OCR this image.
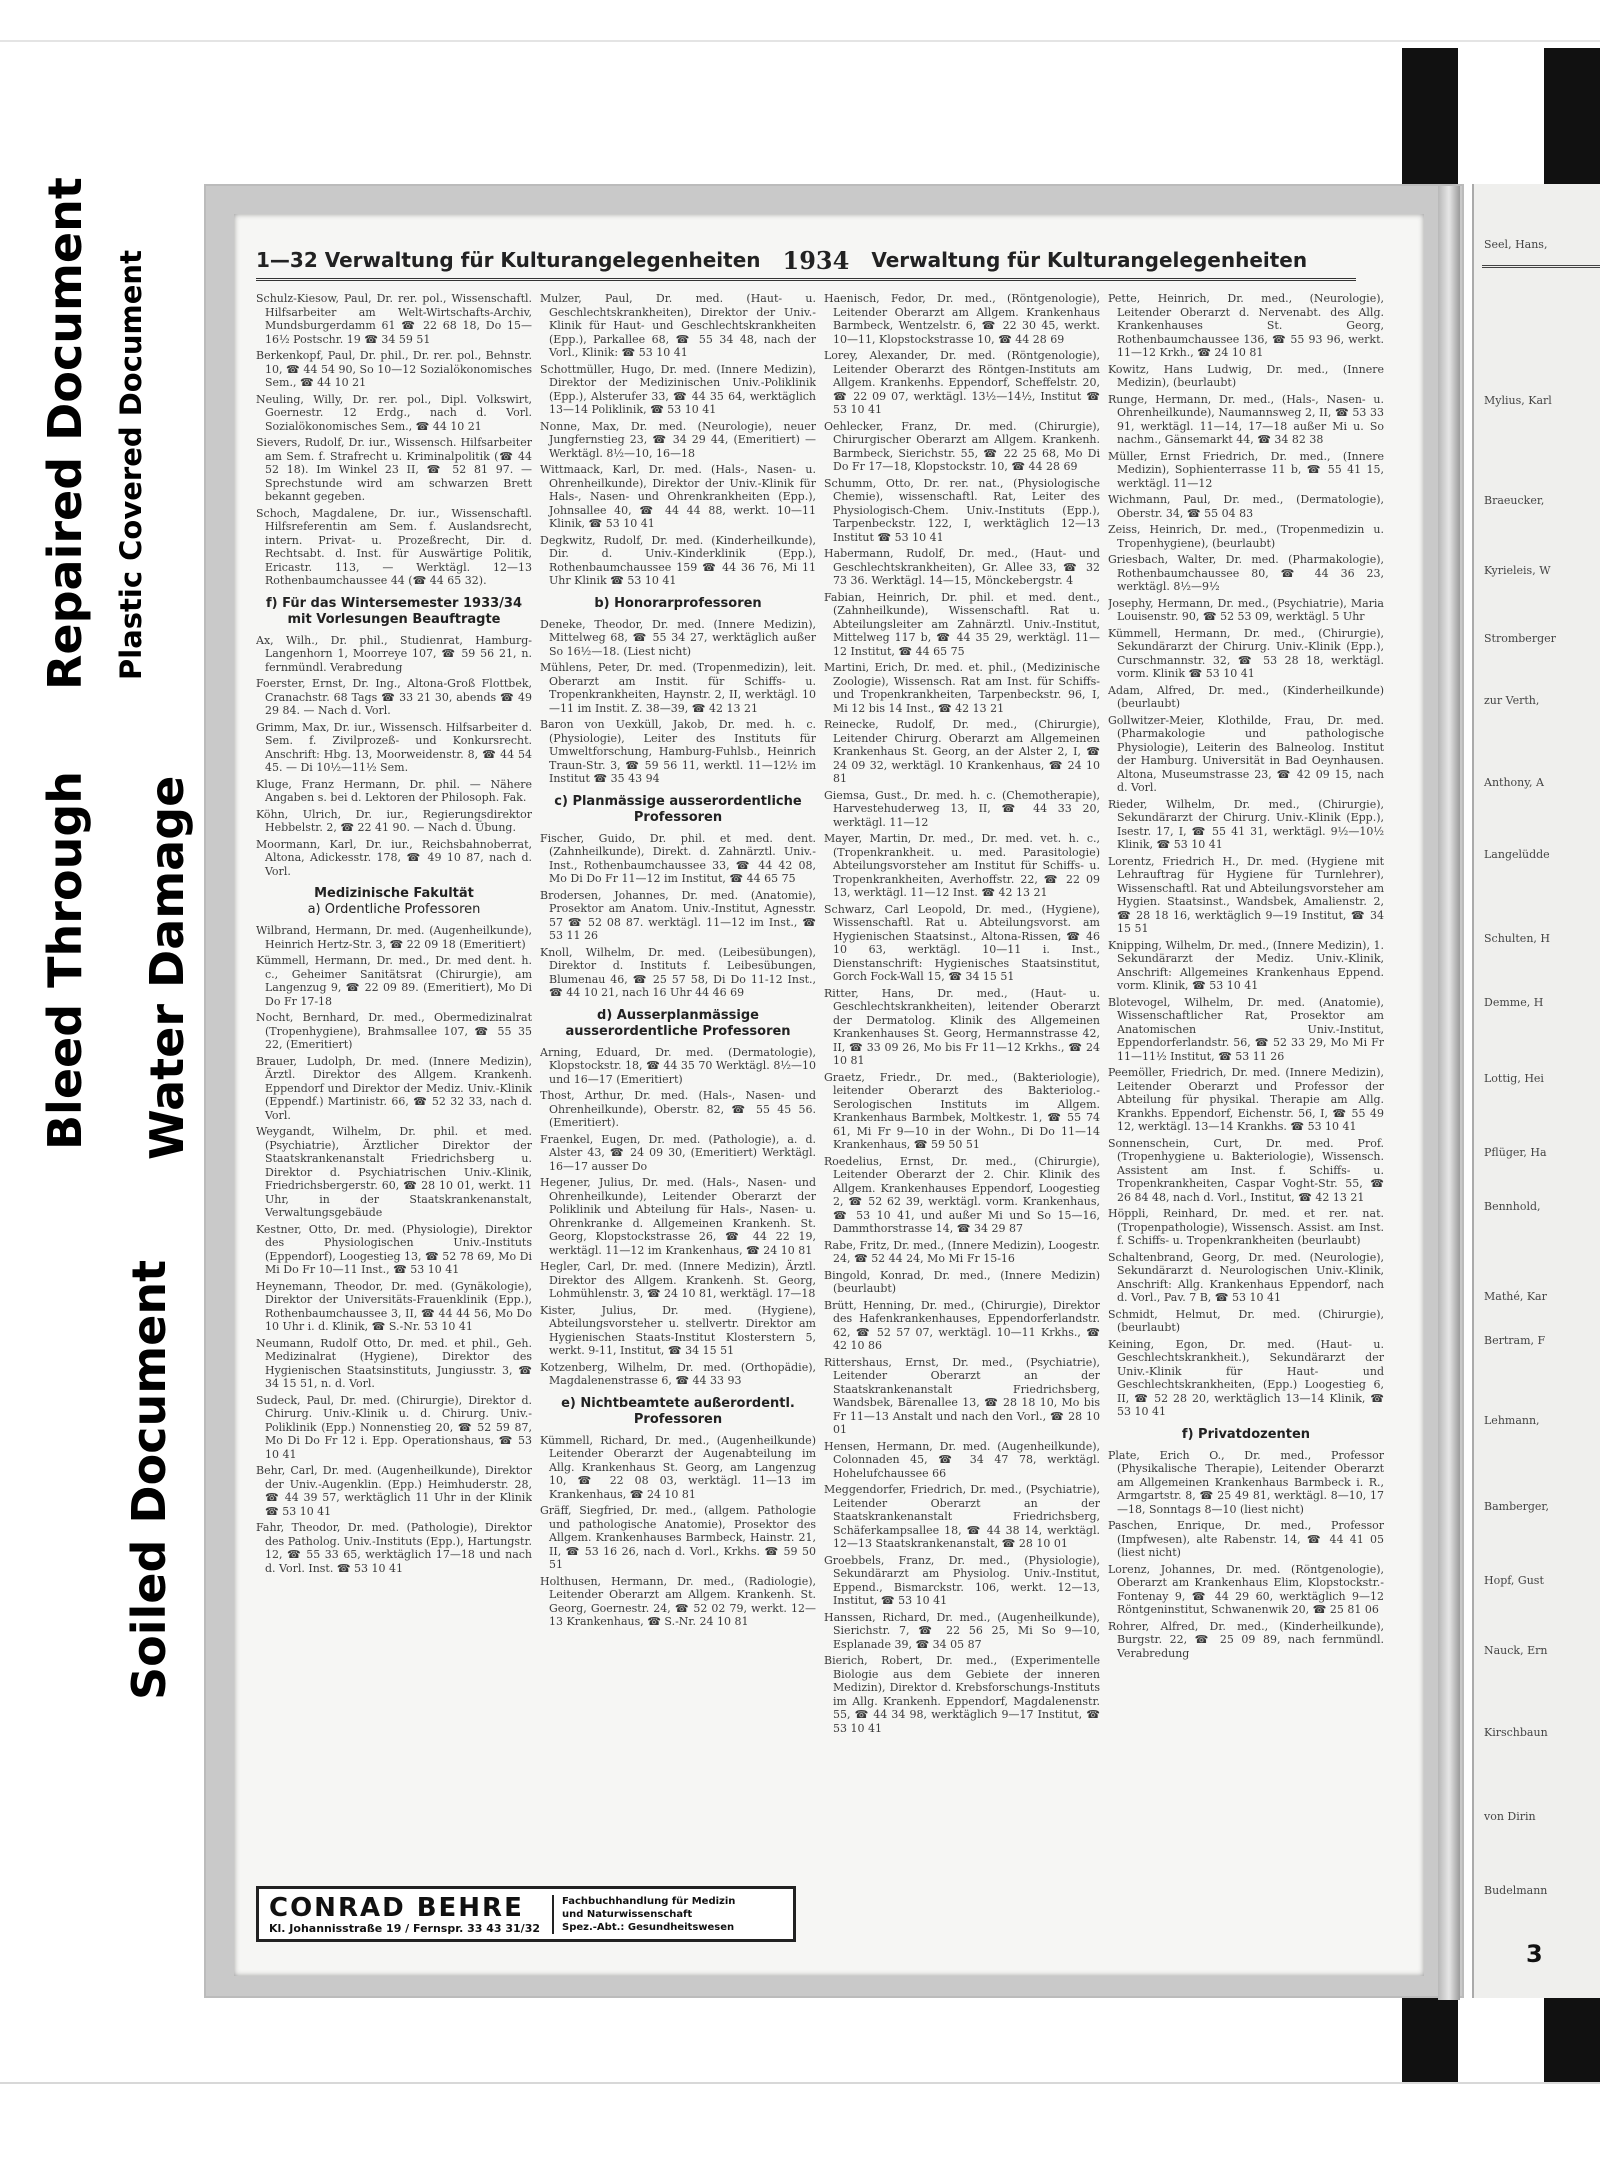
Bleed Through
Repaired Document Plastic Covered Document
Water Damage
Soiled Document
1—32 Verwaltung für Kulturangelegenheiten 1934 Verwaltung für Kulturangelegenheiten

Schulz-Kiesow, Paul, Dr. rer. pol., Wissenschaftl. Hilfsarbeiter am Welt-Wirtschafts-Archiv, Mundsburgerdamm 61 ☎ 22 68 18, Do 15—16½ Postschr. 19 ☎ 34 59 51

Berkenkopf, Paul, Dr. phil., Dr. rer. pol., Behnstr. 10, ☎ 44 54 90, So 10—12 Sozialökonomisches Sem., ☎ 44 10 21

Neuling, Willy, Dr. rer. pol., Dipl. Volkswirt, Goernestr. 12 Erdg., nach d. Vorl. Sozialökonomisches Sem., ☎ 44 10 21

Sievers, Rudolf, Dr. iur., Wissensch. Hilfsarbeiter am Sem. f. Strafrecht u. Kriminalpolitik (☎ 44 52 18). Im Winkel 23 II, ☎ 52 81 97. — Sprechstunde wird am schwarzen Brett bekannt gegeben.

Schoch, Magdalene, Dr. iur., Wissenschaftl. Hilfsreferentin am Sem. f. Auslandsrecht, intern. Privat- u. Prozeßrecht, Dir. d. Rechtsabt. d. Inst. für Auswärtige Politik, Ericastr. 113, — Werktägl. 12—13 Rothenbaumchaussee 44 (☎ 44 65 32).

f) Für das Wintersemester 1933/34 mit Vorlesungen Beauftragte

Ax, Wilh., Dr. phil., Studienrat, Hamburg-Langenhorn 1, Moorreye 107, ☎ 59 56 21, n. fernmündl. Verabredung

Foerster, Ernst, Dr. Ing., Altona-Groß Flottbek, Cranachstr. 68 Tags ☎ 33 21 30, abends ☎ 49 29 84. — Nach d. Vorl.

Grimm, Max, Dr. iur., Wissensch. Hilfsarbeiter d. Sem. f. Zivilprozeß- und Konkursrecht. Anschrift: Hbg. 13, Moorweidenstr. 8, ☎ 44 54 45. — Di 10½—11½ Sem.

Kluge, Franz Hermann, Dr. phil. — Nähere Angaben s. bei d. Lektoren der Philosoph. Fak.

Köhn, Ulrich, Dr. iur., Regierungsdirektor Hebbelstr. 2, ☎ 22 41 90. — Nach d. Übung.

Moormann, Karl, Dr. iur., Reichsbahnoberrat, Altona, Adickesstr. 178, ☎ 49 10 87, nach d. Vorl.

Medizinische Fakultät
a) Ordentliche Professoren

Wilbrand, Hermann, Dr. med. (Augenheilkunde), Heinrich Hertz-Str. 3, ☎ 22 09 18 (Emeritiert)

Kümmell, Hermann, Dr. med., Dr. med dent. h. c., Geheimer Sanitätsrat (Chirurgie), am Langenzug 9, ☎ 22 09 89. (Emeritiert), Mo Di Do Fr 17-18

Nocht, Bernhard, Dr. med., Obermedizinalrat (Tropenhygiene), Brahmsallee 107, ☎ 55 35 22, (Emeritiert)

Brauer, Ludolph, Dr. med. (Innere Medizin), Ärztl. Direktor des Allgem. Krankenh. Eppendorf und Direktor der Mediz. Univ.-Klinik (Eppendf.) Martinistr. 66, ☎ 52 32 33, nach d. Vorl.

Weygandt, Wilhelm, Dr. phil. et med. (Psychiatrie), Ärztlicher Direktor der Staatskrankenanstalt Friedrichsberg u. Direktor d. Psychiatrischen Univ.-Klinik, Friedrichsbergerstr. 60, ☎ 28 10 01, werkt. 11 Uhr, in der Staatskrankenanstalt, Verwaltungsgebäude

Kestner, Otto, Dr. med. (Physiologie), Direktor des Physiologischen Univ.-Instituts (Eppendorf), Loogestieg 13, ☎ 52 78 69, Mo Di Mi Do Fr 10—11 Inst., ☎ 53 10 41

Heynemann, Theodor, Dr. med. (Gynäkologie), Direktor der Universitäts-Frauenklinik (Epp.), Rothenbaumchaussee 3, II, ☎ 44 44 56, Mo Do 10 Uhr i. d. Klinik, ☎ S.-Nr. 53 10 41

Neumann, Rudolf Otto, Dr. med. et phil., Geh. Medizinalrat (Hygiene), Direktor des Hygienischen Staatsinstituts, Jungiusstr. 3, ☎ 34 15 51, n. d. Vorl.

Sudeck, Paul, Dr. med. (Chirurgie), Direktor d. Chirurg. Univ.-Klinik u. d. Chirurg. Univ.-Poliklinik (Epp.) Nonnenstieg 20, ☎ 52 59 87, Mo Di Do Fr 12 i. Epp. Operationshaus, ☎ 53 10 41

Behr, Carl, Dr. med. (Augenheilkunde), Direktor der Univ.-Augenklin. (Epp.) Heimhuderstr. 28, ☎ 44 39 57, werktäglich 11 Uhr in der Klinik ☎ 53 10 41

Fahr, Theodor, Dr. med. (Pathologie), Direktor des Patholog. Univ.-Instituts (Epp.), Hartungstr. 12, ☎ 55 33 65, werktäglich 17—18 und nach d. Vorl. Inst. ☎ 53 10 41

Mulzer, Paul, Dr. med. (Haut- u. Geschlechtskrankheiten), Direktor der Univ.-Klinik für Haut- und Geschlechtskrankheiten (Epp.), Parkallee 68, ☎ 55 34 48, nach der Vorl., Klinik: ☎ 53 10 41

Schottmüller, Hugo, Dr. med. (Innere Medizin), Direktor der Medizinischen Univ.-Poliklinik (Epp.), Alsterufer 33, ☎ 44 35 64, werktäglich 13—14 Poliklinik, ☎ 53 10 41

Nonne, Max, Dr. med. (Neurologie), neuer Jungfernstieg 23, ☎ 34 29 44, (Emeritiert) — Werktägl. 8½—10, 16—18

Wittmaack, Karl, Dr. med. (Hals-, Nasen- u. Ohrenheilkunde), Direktor der Univ.-Klinik für Hals-, Nasen- und Ohrenkrankheiten (Epp.), Johnsallee 40, ☎ 44 44 88, werkt. 10—11 Klinik, ☎ 53 10 41

Degkwitz, Rudolf, Dr. med. (Kinderheilkunde), Dir. d. Univ.-Kinderklinik (Epp.), Rothenbaumchaussee 159 ☎ 44 36 76, Mi 11 Uhr Klinik ☎ 53 10 41

b) Honorarprofessoren

Deneke, Theodor, Dr. med. (Innere Medizin), Mittelweg 68, ☎ 55 34 27, werktäglich außer So 16½—18. (Liest nicht)

Mühlens, Peter, Dr. med. (Tropenmedizin), leit. Oberarzt am Instit. für Schiffs- u. Tropenkrankheiten, Haynstr. 2, II, werktägl. 10—11 im Instit. Z. 38—39, ☎ 42 13 21

Baron von Uexküll, Jakob, Dr. med. h. c. (Physiologie), Leiter des Instituts für Umweltforschung, Hamburg-Fuhlsb., Heinrich Traun-Str. 3, ☎ 59 56 11, werktl. 11—12½ im Institut ☎ 35 43 94

c) Planmässige ausserordentliche Professoren

Fischer, Guido, Dr. phil. et med. dent. (Zahnheilkunde), Direkt. d. Zahnärztl. Univ.-Inst., Rothenbaumchaussee 33, ☎ 44 42 08, Mo Di Do Fr 11—12 im Institut, ☎ 44 65 75

Brodersen, Johannes, Dr. med. (Anatomie), Prosektor am Anatom. Univ.-Institut, Agnesstr. 57 ☎ 52 08 87. werktägl. 11—12 im Inst., ☎ 53 11 26

Knoll, Wilhelm, Dr. med. (Leibesübungen), Direktor d. Instituts f. Leibesübungen, Blumenau 46, ☎ 25 57 58, Di Do 11-12 Inst., ☎ 44 10 21, nach 16 Uhr 44 46 69

d) Ausserplanmässige ausserordentliche Professoren

Arning, Eduard, Dr. med. (Dermatologie), Klopstockstr. 18, ☎ 44 35 70 Werktägl. 8½—10 und 16—17 (Emeritiert)

Thost, Arthur, Dr. med. (Hals-, Nasen- und Ohrenheilkunde), Oberstr. 82, ☎ 55 45 56. (Emeritiert).

Fraenkel, Eugen, Dr. med. (Pathologie), a. d. Alster 43, ☎ 24 09 30, (Emeritiert) Werktägl. 16—17 ausser Do

Hegener, Julius, Dr. med. (Hals-, Nasen- und Ohrenheilkunde), Leitender Oberarzt der Poliklinik und Abteilung für Hals-, Nasen- u. Ohrenkranke d. Allgemeinen Krankenh. St. Georg, Klopstockstrasse 26, ☎ 44 22 19, werktägl. 11—12 im Krankenhaus, ☎ 24 10 81

Hegler, Carl, Dr. med. (Innere Medizin), Ärztl. Direktor des Allgem. Krankenh. St. Georg, Lohmühlenstr. 3, ☎ 24 10 81, werktägl. 17—18

Kister, Julius, Dr. med. (Hygiene), Abteilungsvorsteher u. stellvertr. Direktor am Hygienischen Staats-Institut Klosterstern 5, werkt. 9-11, Institut, ☎ 34 15 51

Kotzenberg, Wilhelm, Dr. med. (Orthopädie), Magdalenenstrasse 6, ☎ 44 33 93

e) Nichtbeamtete außerordentl. Professoren

Kümmell, Richard, Dr. med., (Augenheilkunde) Leitender Oberarzt der Augenabteilung im Allg. Krankenhaus St. Georg, am Langenzug 10, ☎ 22 08 03, werktägl. 11—13 im Krankenhaus, ☎ 24 10 81

Gräff, Siegfried, Dr. med., (allgem. Pathologie und pathologische Anatomie), Prosektor des Allgem. Krankenhauses Barmbeck, Hainstr. 21, II, ☎ 53 16 26, nach d. Vorl., Krkhs. ☎ 59 50 51

Holthusen, Hermann, Dr. med., (Radiologie), Leitender Oberarzt am Allgem. Krankenh. St. Georg, Goernestr. 24, ☎ 52 02 79, werkt. 12—13 Krankenhaus, ☎ S.-Nr. 24 10 81

Haenisch, Fedor, Dr. med., (Röntgenologie), Leitender Oberarzt am Allgem. Krankenhaus Barmbeck, Wentzelstr. 6, ☎ 22 30 45, werkt. 10—11, Klopstockstrasse 10, ☎ 44 28 69

Lorey, Alexander, Dr. med. (Röntgenologie), Leitender Oberarzt des Röntgen-Instituts am Allgem. Krankenhs. Eppendorf, Scheffelstr. 20, ☎ 22 09 07, werktägl. 13½—14½, Institut ☎ 53 10 41

Oehlecker, Franz, Dr. med. (Chirurgie), Chirurgischer Oberarzt am Allgem. Krankenh. Barmbeck, Sierichstr. 55, ☎ 22 25 68, Mo Di Do Fr 17—18, Klopstockstr. 10, ☎ 44 28 69

Schumm, Otto, Dr. rer. nat., (Physiologische Chemie), wissenschaftl. Rat, Leiter des Physiologisch-Chem. Univ.-Instituts (Epp.), Tarpenbeckstr. 122, I, werktäglich 12—13 Institut ☎ 53 10 41

Habermann, Rudolf, Dr. med., (Haut- und Geschlechtskrankheiten), Gr. Allee 33, ☎ 32 73 36. Werktägl. 14—15, Mönckebergstr. 4

Fabian, Heinrich, Dr. phil. et med. dent., (Zahnheilkunde), Wissenschaftl. Rat u. Abteilungsleiter am Zahnärztl. Univ.-Institut, Mittelweg 117 b, ☎ 44 35 29, werktägl. 11—12 Institut, ☎ 44 65 75

Martini, Erich, Dr. med. et. phil., (Medizinische Zoologie), Wissensch. Rat am Inst. für Schiffs- und Tropenkrankheiten, Tarpenbeckstr. 96, I, Mi 12 bis 14 Inst., ☎ 42 13 21

Reinecke, Rudolf, Dr. med., (Chirurgie), Leitender Chirurg. Oberarzt am Allgemeinen Krankenhaus St. Georg, an der Alster 2, I, ☎ 24 09 32, werktägl. 10 Krankenhaus, ☎ 24 10 81

Giemsa, Gust., Dr. med. h. c. (Chemotherapie), Harvestehuderweg 13, II, ☎ 44 33 20, werktägl. 11—12

Mayer, Martin, Dr. med., Dr. med. vet. h. c., (Tropenkrankheit. u. med. Parasitologie) Abteilungsvorsteher am Institut für Schiffs- u. Tropenkrankheiten, Averhoffstr. 22, ☎ 22 09 13, werktägl. 11—12 Inst. ☎ 42 13 21

Schwarz, Carl Leopold, Dr. med., (Hygiene), Wissenschaftl. Rat u. Abteilungsvorst. am Hygienischen Staatsinst., Altona-Rissen, ☎ 46 10 63, werktägl. 10—11 i. Inst., Dienstanschrift: Hygienisches Staatsinstitut, Gorch Fock-Wall 15, ☎ 34 15 51

Ritter, Hans, Dr. med., (Haut- u. Geschlechtskrankheiten), leitender Oberarzt der Dermatolog. Klinik des Allgemeinen Krankenhauses St. Georg, Hermannstrasse 42, II, ☎ 33 09 26, Mo bis Fr 11—12 Krkhs., ☎ 24 10 81

Graetz, Friedr., Dr. med., (Bakteriologie), leitender Oberarzt des Bakteriolog.-Serologischen Instituts im Allgem. Krankenhaus Barmbek, Moltkestr. 1, ☎ 55 74 61, Mi Fr 9—10 in der Wohn., Di Do 11—14 Krankenhaus, ☎ 59 50 51

Roedelius, Ernst, Dr. med., (Chirurgie), Leitender Oberarzt der 2. Chir. Klinik des Allgem. Krankenhauses Eppendorf, Loogestieg 2, ☎ 52 62 39, werktägl. vorm. Krankenhaus, ☎ 53 10 41, und außer Mi und So 15—16, Dammthorstrasse 14, ☎ 34 29 87

Rabe, Fritz, Dr. med., (Innere Medizin), Loogestr. 24, ☎ 52 44 24, Mo Mi Fr 15-16

Bingold, Konrad, Dr. med., (Innere Medizin) (beurlaubt)

Brütt, Henning, Dr. med., (Chirurgie), Direktor des Hafenkrankenhauses, Eppendorferlandstr. 62, ☎ 52 57 07, werktägl. 10—11 Krkhs., ☎ 42 10 86

Rittershaus, Ernst, Dr. med., (Psychiatrie), Leitender Oberarzt an der Staatskrankenanstalt Friedrichsberg, Wandsbek, Bärenallee 13, ☎ 28 18 10, Mo bis Fr 11—13 Anstalt und nach den Vorl., ☎ 28 10 01

Hensen, Hermann, Dr. med. (Augenheilkunde), Colonnaden 45, ☎ 34 47 78, werktägl. Hohelufchaussee 66

Meggendorfer, Friedrich, Dr. med., (Psychiatrie), Leitender Oberarzt an der Staatskrankenanstalt Friedrichsberg, Schäferkampsallee 18, ☎ 44 38 14, werktägl. 12—13 Staatskrankenanstalt, ☎ 28 10 01

Groebbels, Franz, Dr. med., (Physiologie), Sekundärarzt am Physiolog. Univ.-Institut, Eppend., Bismarckstr. 106, werkt. 12—13, Institut, ☎ 53 10 41

Hanssen, Richard, Dr. med., (Augenheilkunde), Sierichstr. 7, ☎ 22 56 25, Mi So 9—10, Esplanade 39, ☎ 34 05 87

Bierich, Robert, Dr. med., (Experimentelle Biologie aus dem Gebiete der inneren Medizin), Direktor d. Krebsforschungs-Instituts im Allg. Krankenh. Eppendorf, Magdalenenstr. 55, ☎ 44 34 98, werktäglich 9—17 Institut, ☎ 53 10 41

Pette, Heinrich, Dr. med., (Neurologie), Leitender Oberarzt d. Nervenabt. des Allg. Krankenhauses St. Georg, Rothenbaumchaussee 136, ☎ 55 93 96, werkt. 11—12 Krkh., ☎ 24 10 81

Kowitz, Hans Ludwig, Dr. med., (Innere Medizin), (beurlaubt)

Runge, Hermann, Dr. med., (Hals-, Nasen- u. Ohrenheilkunde), Naumannsweg 2, II, ☎ 53 33 91, werktägl. 11—14, 17—18 außer Mi u. So nachm., Gänsemarkt 44, ☎ 34 82 38

Müller, Ernst Friedrich, Dr. med., (Innere Medizin), Sophienterrasse 11 b, ☎ 55 41 15, werktägl. 11—12

Wichmann, Paul, Dr. med., (Dermatologie), Oberstr. 34, ☎ 55 04 83

Zeiss, Heinrich, Dr. med., (Tropenmedizin u. Tropenhygiene), (beurlaubt)

Griesbach, Walter, Dr. med. (Pharmakologie), Rothenbaumchaussee 80, ☎ 44 36 23, werktägl. 8½—9½

Josephy, Hermann, Dr. med., (Psychiatrie), Maria Louisenstr. 90, ☎ 52 53 09, werktägl. 5 Uhr

Kümmell, Hermann, Dr. med., (Chirurgie), Sekundärarzt der Chirurg. Univ.-Klinik (Epp.), Curschmannstr. 32, ☎ 53 28 18, werktägl. vorm. Klinik ☎ 53 10 41

Adam, Alfred, Dr. med., (Kinderheilkunde) (beurlaubt)

Gollwitzer-Meier, Klothilde, Frau, Dr. med. (Pharmakologie und pathologische Physiologie), Leiterin des Balneolog. Institut der Hamburg. Universität in Bad Oeynhausen. Altona, Museumstrasse 23, ☎ 42 09 15, nach d. Vorl.

Rieder, Wilhelm, Dr. med., (Chirurgie), Sekundärarzt der Chirurg. Univ.-Klinik (Epp.), Isestr. 17, I, ☎ 55 41 31, werktägl. 9½—10½ Klinik, ☎ 53 10 41

Lorentz, Friedrich H., Dr. med. (Hygiene mit Lehrauftrag für Hygiene für Turnlehrer), Wissenschaftl. Rat und Abteilungsvorsteher am Hygien. Staatsinst., Wandsbek, Amalienstr. 2, ☎ 28 18 16, werktäglich 9—19 Institut, ☎ 34 15 51

Knipping, Wilhelm, Dr. med., (Innere Medizin), 1. Sekundärarzt der Mediz. Univ.-Klinik, Anschrift: Allgemeines Krankenhaus Eppend. vorm. Klinik, ☎ 53 10 41

Blotevogel, Wilhelm, Dr. med. (Anatomie), Wissenschaftlicher Rat, Prosektor am Anatomischen Univ.-Institut, Eppendorferlandstr. 56, ☎ 52 33 29, Mo Mi Fr 11—11½ Institut, ☎ 53 11 26

Peemöller, Friedrich, Dr. med. (Innere Medizin), Leitender Oberarzt und Professor der Abteilung für physikal. Therapie am Allg. Krankhs. Eppendorf, Eichenstr. 56, I, ☎ 55 49 12, werktägl. 13—14 Krankhs. ☎ 53 10 41

Sonnenschein, Curt, Dr. med. Prof. (Tropenhygiene u. Bakteriologie), Wissensch. Assistent am Inst. f. Schiffs- u. Tropenkrankheiten, Caspar Voght-Str. 55, ☎ 26 84 48, nach d. Vorl., Institut, ☎ 42 13 21

Höppli, Reinhard, Dr. med. et rer. nat. (Tropenpathologie), Wissensch. Assist. am Inst. f. Schiffs- u. Tropenkrankheiten (beurlaubt)

Schaltenbrand, Georg, Dr. med. (Neurologie), Sekundärarzt d. Neurologischen Univ.-Klinik, Anschrift: Allg. Krankenhaus Eppendorf, nach d. Vorl., Pav. 7 B, ☎ 53 10 41

Schmidt, Helmut, Dr. med. (Chirurgie), (beurlaubt)

Keining, Egon, Dr. med. (Haut- u. Geschlechtskrankheit.), Sekundärarzt der Univ.-Klinik für Haut- und Geschlechtskrankheiten, (Epp.) Loogestieg 6, II, ☎ 52 28 20, werktäglich 13—14 Klinik, ☎ 53 10 41

f) Privatdozenten

Plate, Erich O., Dr. med., Professor (Physikalische Therapie), Leitender Oberarzt am Allgemeinen Krankenhaus Barmbeck i. R., Armgartstr. 8, ☎ 25 49 81, werktägl. 8—10, 17—18, Sonntags 8—10 (liest nicht)

Paschen, Enrique, Dr. med., Professor (Impfwesen), alte Rabenstr. 14, ☎ 44 41 05 (liest nicht)

Lorenz, Johannes, Dr. med. (Röntgenologie), Oberarzt am Krankenhaus Elim, Klopstockstr.-Fontenay 9, ☎ 44 29 60, werktäglich 9—12 Röntgeninstitut, Schwanenwik 20, ☎ 25 81 06

Rohrer, Alfred, Dr. med., (Kinderheilkunde), Burgstr. 22, ☎ 25 09 89, nach fernmündl. Verabredung

CONRAD BEHRE
Kl. Johannisstraße 19 / Fernspr. 33 43 31/32
Fachbuchhandlung für Medizin
und Naturwissenschaft
Spez.-Abt.: Gesundheitswesen
Seel, Hans,
Mylius, Karl
Braeucker,
Kyrieleis, W
Stromberger
zur Verth,
Anthony, A
Langelüdde
Schulten, H
Demme, H
Lottig, Hei
Pflüger, Ha
Bennhold,
Mathé, Kar
Bertram, F
Lehmann,
Bamberger,
Hopf, Gust
Nauck, Ern
Kirschbaun
von Dirin
Budelmann
3
